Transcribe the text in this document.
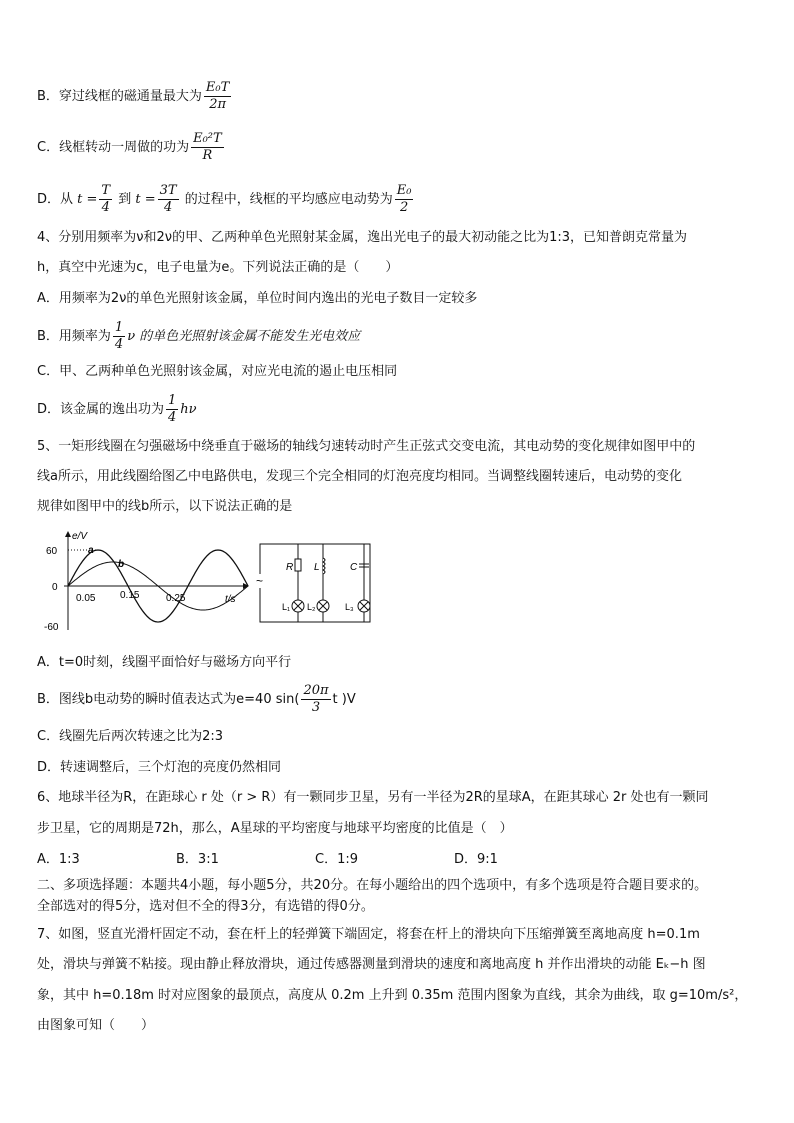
B．穿过线框的磁通量最大为 $\frac{\text{E₀T}}{2\pi}$
C．线框转动一周做的功为 $\frac{\text{E₀²T}}{R}$
D．从 $t = \frac{T}{4}$ 到 $t = \frac{3T}{4}$ 的过程中，线框的平均感应电动势为 $\frac{\text{E₀}}{2}$
4、分别用频率为ν和2ν的甲、乙两种单色光照射某金属，逸出光电子的最大初动能之比为1:3，已知普朗克常量为
h，真空中光速为c，电子电量为e。下列说法正确的是（　　）
A．用频率为2ν的单色光照射该金属，单位时间内逸出的光电子数目一定较多
B．用频率为 $\frac{1}{4}$ ν 的单色光照射该金属不能发生光电效应
C．甲、乙两种单色光照射该金属，对应光电流的遏止电压相同
D．该金属的逸出功为 $\frac{1}{4}$ hν
5、一矩形线圈在匀强磁场中绕垂直于磁场的轴线匀速转动时产生正弦式交变电流，其电动势的变化规律如图甲中的
线a所示，用此线圈给图乙中电路供电，发现三个完全相同的灯泡亮度均相同。当调整线圈转速后，电动势的变化
规律如图甲中的线b所示，以下说法正确的是
e/V
t/s
60
0
-60
0.05 0.15	0.25
a
b
~
R L	C
L₁ L₂	L₃
A．t=0时刻，线圈平面恰好与磁场方向平行
B．图线b电动势的瞬时值表达式为e=40 $\sin( \frac{20\pi}{3}$ t )V
C．线圈先后两次转速之比为2:3
D．转速调整后，三个灯泡的亮度仍然相同
6、地球半径为R，在距球心 r 处（r > R）有一颗同步卫星，另有一半径为2R的星球A，在距其球心 2r 处也有一颗同
步卫星，它的周期是72h，那么，A星球的平均密度与地球平均密度的比值是（　）
A．1:3	B．3:1	C．1:9	D．9:1
二、多项选择题：本题共4小题，每小题5分，共20分。在每小题给出的四个选项中，有多个选项是符合题目要求的。
全部选对的得5分，选对但不全的得3分，有选错的得0分。
7、如图，竖直光滑杆固定不动，套在杆上的轻弹簧下端固定，将套在杆上的滑块向下压缩弹簧至离地高度 h=0.1m
处，滑块与弹簧不粘接。现由静止释放滑块，通过传感器测量到滑块的速度和离地高度 h 并作出滑块的动能 Eₖ−h 图
象，其中 h=0.18m 时对应图象的最顶点，高度从 0.2m 上升到 0.35m 范围内图象为直线，其余为曲线，取 g=10m/s²，
由图象可知（　　）
